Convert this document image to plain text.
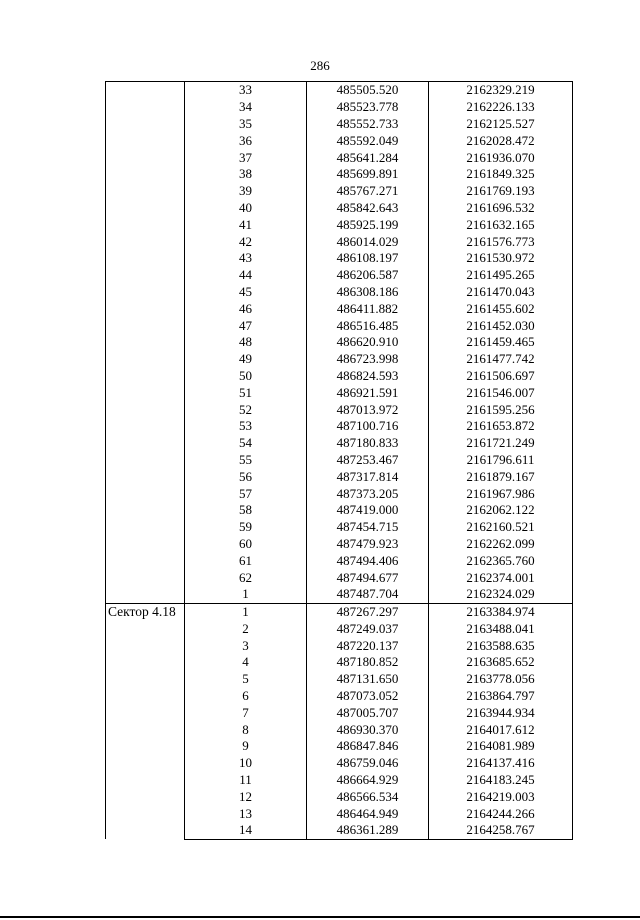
286
	33	485505.520	2162329.219
	34	485523.778	2162226.133
	35	485552.733	2162125.527
	36	485592.049	2162028.472
	37	485641.284	2161936.070
	38	485699.891	2161849.325
	39	485767.271	2161769.193
	40	485842.643	2161696.532
	41	485925.199	2161632.165
	42	486014.029	2161576.773
	43	486108.197	2161530.972
	44	486206.587	2161495.265
	45	486308.186	2161470.043
	46	486411.882	2161455.602
	47	486516.485	2161452.030
	48	486620.910	2161459.465
	49	486723.998	2161477.742
	50	486824.593	2161506.697
	51	486921.591	2161546.007
	52	487013.972	2161595.256
	53	487100.716	2161653.872
	54	487180.833	2161721.249
	55	487253.467	2161796.611
	56	487317.814	2161879.167
	57	487373.205	2161967.986
	58	487419.000	2162062.122
	59	487454.715	2162160.521
	60	487479.923	2162262.099
	61	487494.406	2162365.760
	62	487494.677	2162374.001
	1	487487.704	2162324.029
Сектор 4.18	1	487267.297	2163384.974
	2	487249.037	2163488.041
	3	487220.137	2163588.635
	4	487180.852	2163685.652
	5	487131.650	2163778.056
	6	487073.052	2163864.797
	7	487005.707	2163944.934
	8	486930.370	2164017.612
	9	486847.846	2164081.989
	10	486759.046	2164137.416
	11	486664.929	2164183.245
	12	486566.534	2164219.003
	13	486464.949	2164244.266
	14	486361.289	2164258.767
